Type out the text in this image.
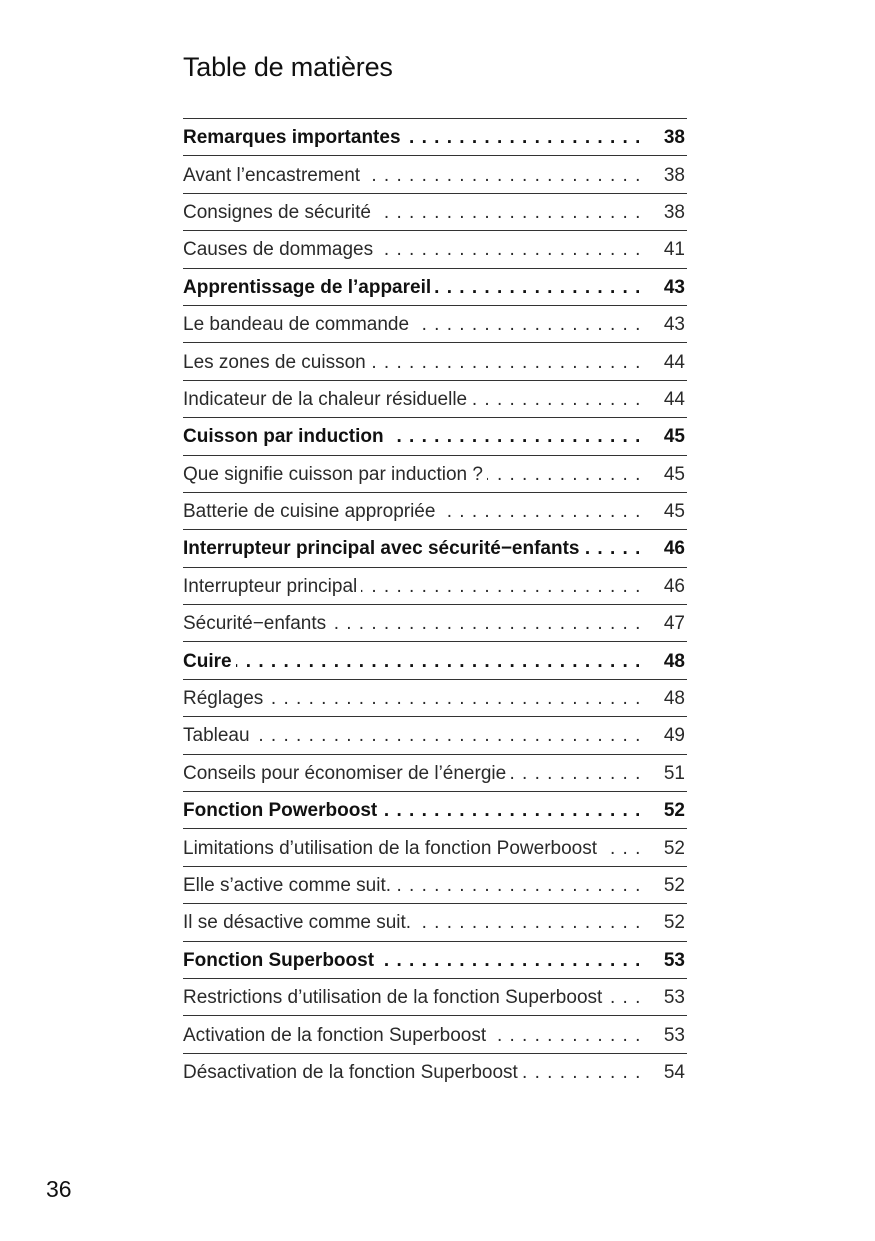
Table de matières
Remarques importantes . . .	38
Avant l’encastrement . . .	38
Consignes de sécurité . . .	38
Causes de dommages . . .	41
Apprentissage de l’appareil . . .	43
Le bandeau de commande . . .	43
Les zones de cuisson . . .	44
Indicateur de la chaleur résiduelle . . .	44
Cuisson par induction . . .	45
Que signifie cuisson par induction ? . . .	45
Batterie de cuisine appropriée . . .	45
Interrupteur principal avec sécurité−enfants . . .	46
Interrupteur principal . . .	46
Sécurité−enfants . . .	47
Cuire . . .	48
Réglages . . .	48
Tableau . . .	49
Conseils pour économiser de l’énergie . . .	51
Fonction Powerboost . . .	52
Limitations d’utilisation de la fonction Powerboost . . .	52
Elle s’active comme suit. . . .	52
Il se désactive comme suit. . . .	52
Fonction Superboost . . .	53
Restrictions d’utilisation de la fonction Superboost . . .	53
Activation de la fonction Superboost . . .	53
Désactivation de la fonction Superboost . . .	54
36
